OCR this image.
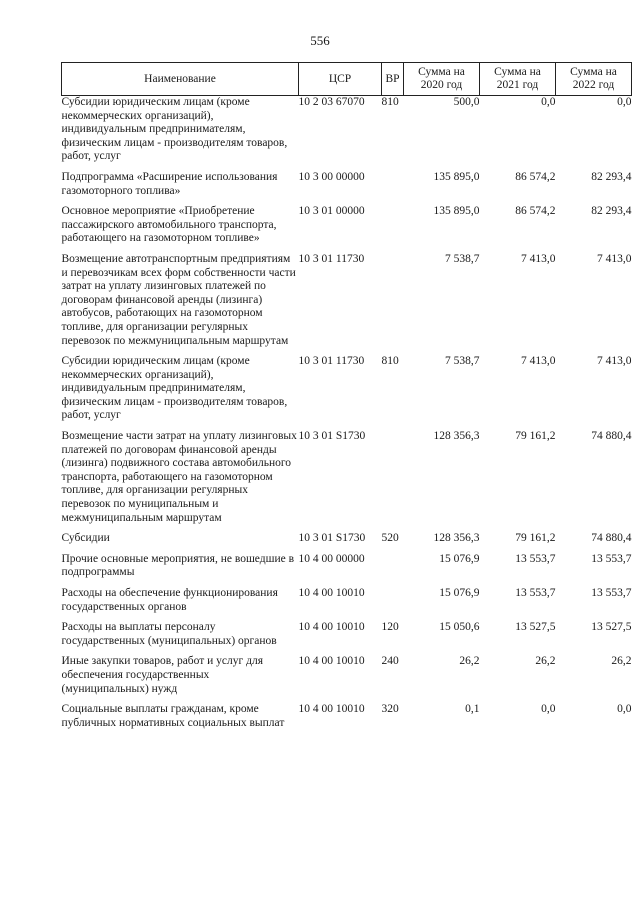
556
Наименование	ЦСР	ВР	Сумма на 2020 год	Сумма на 2021 год	Сумма на 2022 год
Субсидии юридическим лицам (кроме некоммерческих организаций), индивидуальным предпринимателям, физическим лицам - производителям товаров, работ, услуг	10 2 03 67070	810	500,0	0,0	0,0

Подпрограмма «Расширение использования газомоторного топлива»	10 3 00 00000		135 895,0	86 574,2	82 293,4

Основное мероприятие «Приобретение пассажирского автомобильного транспорта, работающего на газомоторном топливе»	10 3 01 00000		135 895,0	86 574,2	82 293,4

Возмещение автотранспортным предприятиям и перевозчикам всех форм собственности части затрат на уплату лизинговых платежей по договорам финансовой аренды (лизинга) автобусов, работающих на газомоторном топливе, для организации регулярных перевозок по межмуниципальным маршрутам	10 3 01 11730		7 538,7	7 413,0	7 413,0

Субсидии юридическим лицам (кроме некоммерческих организаций), индивидуальным предпринимателям, физическим лицам - производителям товаров, работ, услуг	10 3 01 11730	810	7 538,7	7 413,0	7 413,0

Возмещение части затрат на уплату лизинговых платежей по договорам финансовой аренды (лизинга) подвижного состава автомобильного транспорта, работающего на газомоторном топливе, для организации регулярных перевозок по муниципальным и межмуниципальным маршрутам	10 3 01 S1730		128 356,3	79 161,2	74 880,4

Субсидии	10 3 01 S1730	520	128 356,3	79 161,2	74 880,4

Прочие основные мероприятия, не вошедшие в подпрограммы	10 4 00 00000		15 076,9	13 553,7	13 553,7

Расходы на обеспечение функционирования государственных органов	10 4 00 10010		15 076,9	13 553,7	13 553,7

Расходы на выплаты персоналу государственных (муниципальных) органов	10 4 00 10010	120	15 050,6	13 527,5	13 527,5

Иные закупки товаров, работ и услуг для обеспечения государственных (муниципальных) нужд	10 4 00 10010	240	26,2	26,2	26,2

Социальные выплаты гражданам, кроме публичных нормативных социальных выплат	10 4 00 10010	320	0,1	0,0	0,0
